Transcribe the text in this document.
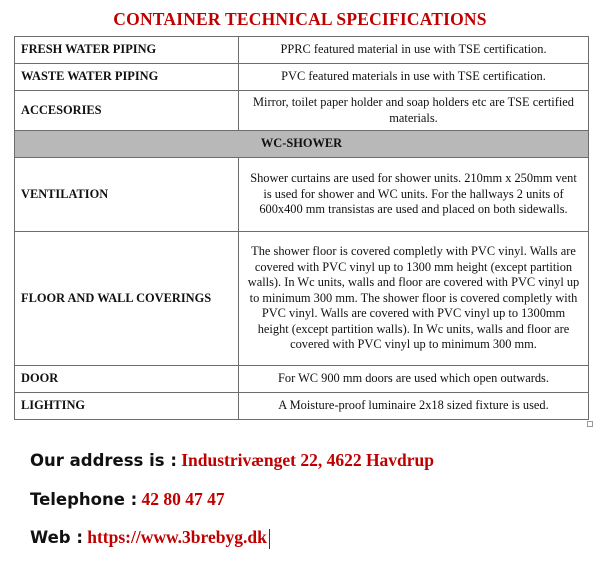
CONTAINER TECHNICAL SPECIFICATIONS
FRESH WATER PIPING	PPRC featured material in use with TSE certification.
WASTE WATER PIPING	PVC featured materials in use with TSE certification.
ACCESORIES	Mirror, toilet paper holder and soap holders etc are TSE certified materials.
WC-SHOWER	
VENTILATION	Shower curtains are used for shower units. 210mm x 250mm vent is used for shower and WC units. For the hallways 2 units of 600x400 mm transistas are used and placed on both sidewalls.
FLOOR AND WALL COVERINGS	The shower floor is covered completly with PVC vinyl. Walls are covered with PVC vinyl up to 1300 mm height (except partition walls). In Wc units, walls and floor are covered with PVC vinyl up to minimum 300 mm. The shower floor is covered completly with PVC vinyl. Walls are covered with PVC vinyl up to 1300mm height (except partition walls). In Wc units, walls and floor are covered with PVC vinyl up to minimum 300 mm.
DOOR	For WC 900 mm doors are used which open outwards.
LIGHTING	A Moisture-proof luminaire 2x18 sized fixture is used.
Our address is : Industrivænget 22, 4622 Havdrup
Telephone : 42 80 47 47
Web : https://www.3brebyg.dk
